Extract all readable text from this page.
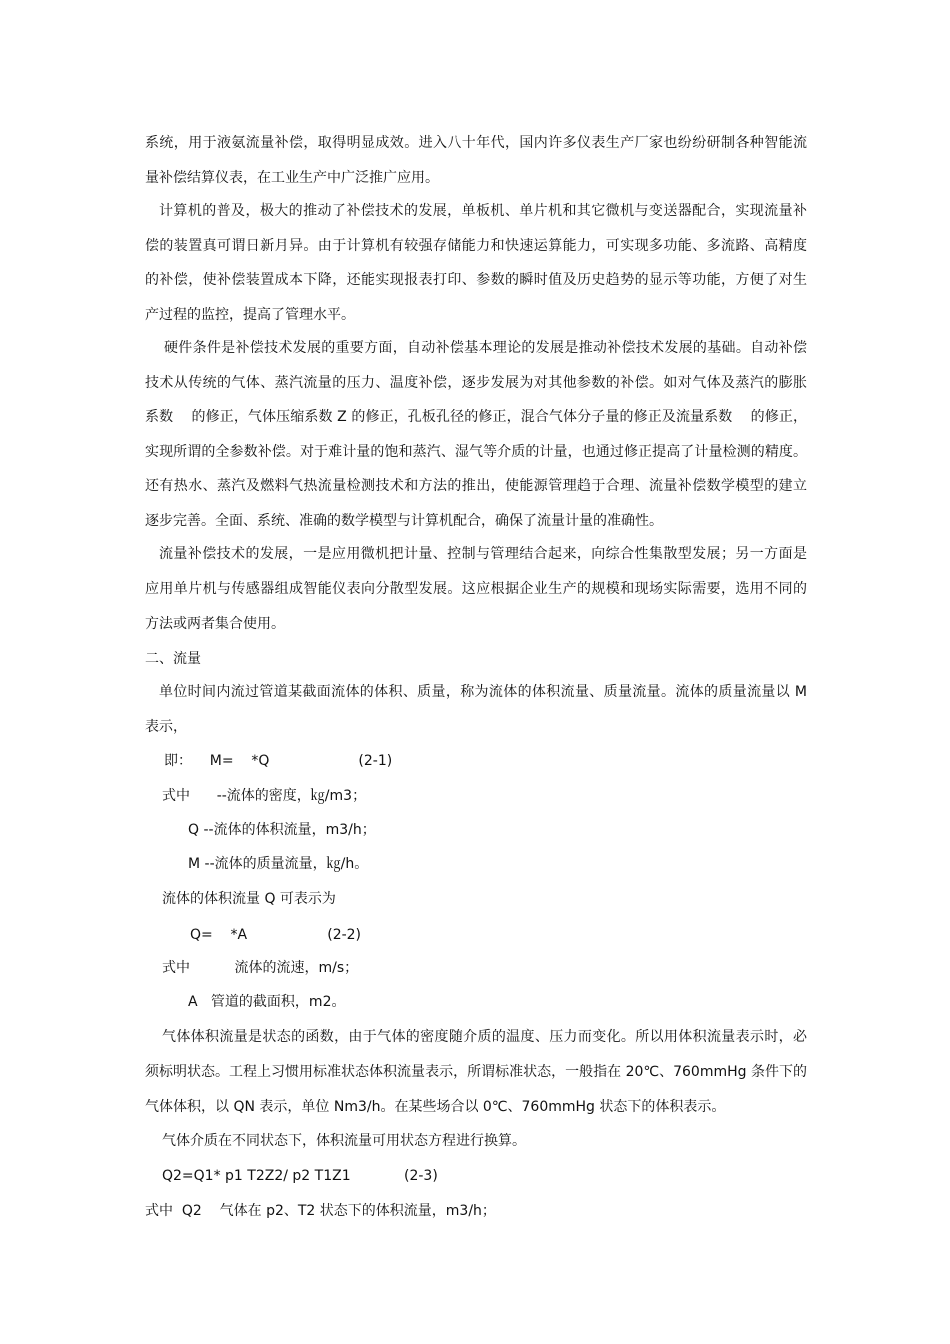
系统，用于液氨流量补偿，取得明显成效。进入八十年代，国内许多仪表生产厂家也纷纷研制各种智能流
量补偿结算仪表，在工业生产中广泛推广应用。
计算机的普及，极大的推动了补偿技术的发展，单板机、单片机和其它微机与变送器配合，实现流量补
偿的装置真可谓日新月异。由于计算机有较强存储能力和快速运算能力，可实现多功能、多流路、高精度
的补偿，使补偿装置成本下降，还能实现报表打印、参数的瞬时值及历史趋势的显示等功能，方便了对生
产过程的监控，提高了管理水平。
硬件条件是补偿技术发展的重要方面，自动补偿基本理论的发展是推动补偿技术发展的基础。自动补偿
技术从传统的气体、蒸汽流量的压力、温度补偿，逐步发展为对其他参数的补偿。如对气体及蒸汽的膨胀
系数    的修正，气体压缩系数 Z 的修正，孔板孔径的修正，混合气体分子量的修正及流量系数    的修正，
实现所谓的全参数补偿。对于难计量的饱和蒸汽、湿气等介质的计量，也通过修正提高了计量检测的精度。
还有热水、蒸汽及燃料气热流量检测技术和方法的推出，使能源管理趋于合理、流量补偿数学模型的建立
逐步完善。全面、系统、准确的数学模型与计算机配合，确保了流量计量的准确性。
流量补偿技术的发展，一是应用微机把计量、控制与管理结合起来，向综合性集散型发展；另一方面是
应用单片机与传感器组成智能仪表向分散型发展。这应根据企业生产的规模和现场实际需要，选用不同的
方法或两者集合使用。
二、流量
单位时间内流过管道某截面流体的体积、质量，称为流体的体积流量、质量流量。流体的质量流量以 M
表示，
即：    M=    *Q                    (2-1)
式中      --流体的密度，㎏/m3；
Q --流体的体积流量，m3/h；
M --流体的质量流量，㎏/h。
流体的体积流量 Q 可表示为
Q=    *A                  (2-2)
式中          流体的流速，m/s；
A   管道的截面积，m2。
气体体积流量是状态的函数，由于气体的密度随介质的温度、压力而变化。所以用体积流量表示时，必
须标明状态。工程上习惯用标准状态体积流量表示，所谓标准状态，一般指在 20℃、760mmHg 条件下的
气体体积，以 QN 表示，单位 Nm3/h。在某些场合以 0℃、760mmHg 状态下的体积表示。
气体介质在不同状态下，体积流量可用状态方程进行换算。
Q2=Q1* p1 T2Z2/ p2 T1Z1            (2-3)
式中  Q2    气体在 p2、T2 状态下的体积流量，m3/h；
